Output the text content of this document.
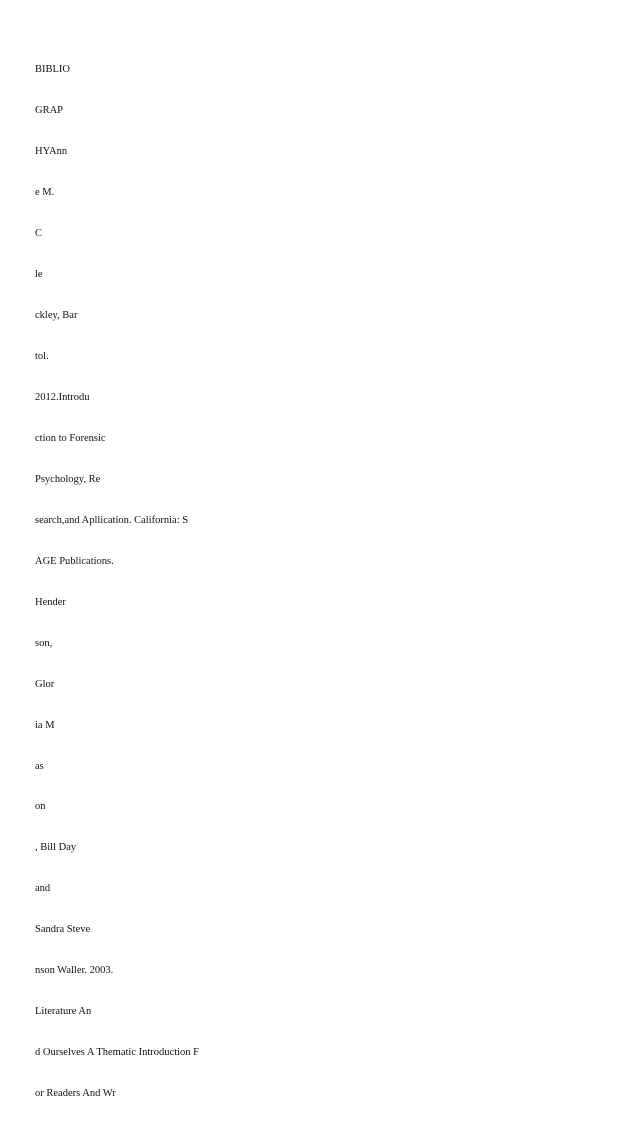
BIBLIO

GRAP

HYAnn

e M.

C

le

ckley, Bar

tol.

2012.Introdu

ction to Forensic

Psychology, Re

search,and Apllication. California: S

AGE Publications.

Hender

son,

Glor

ia M

as

on

, Bill Day

and

Sandra Steve

nson Waller. 2003.

Literature An

d Ourselves A Thematic Introduction F

or Readers And Wr
